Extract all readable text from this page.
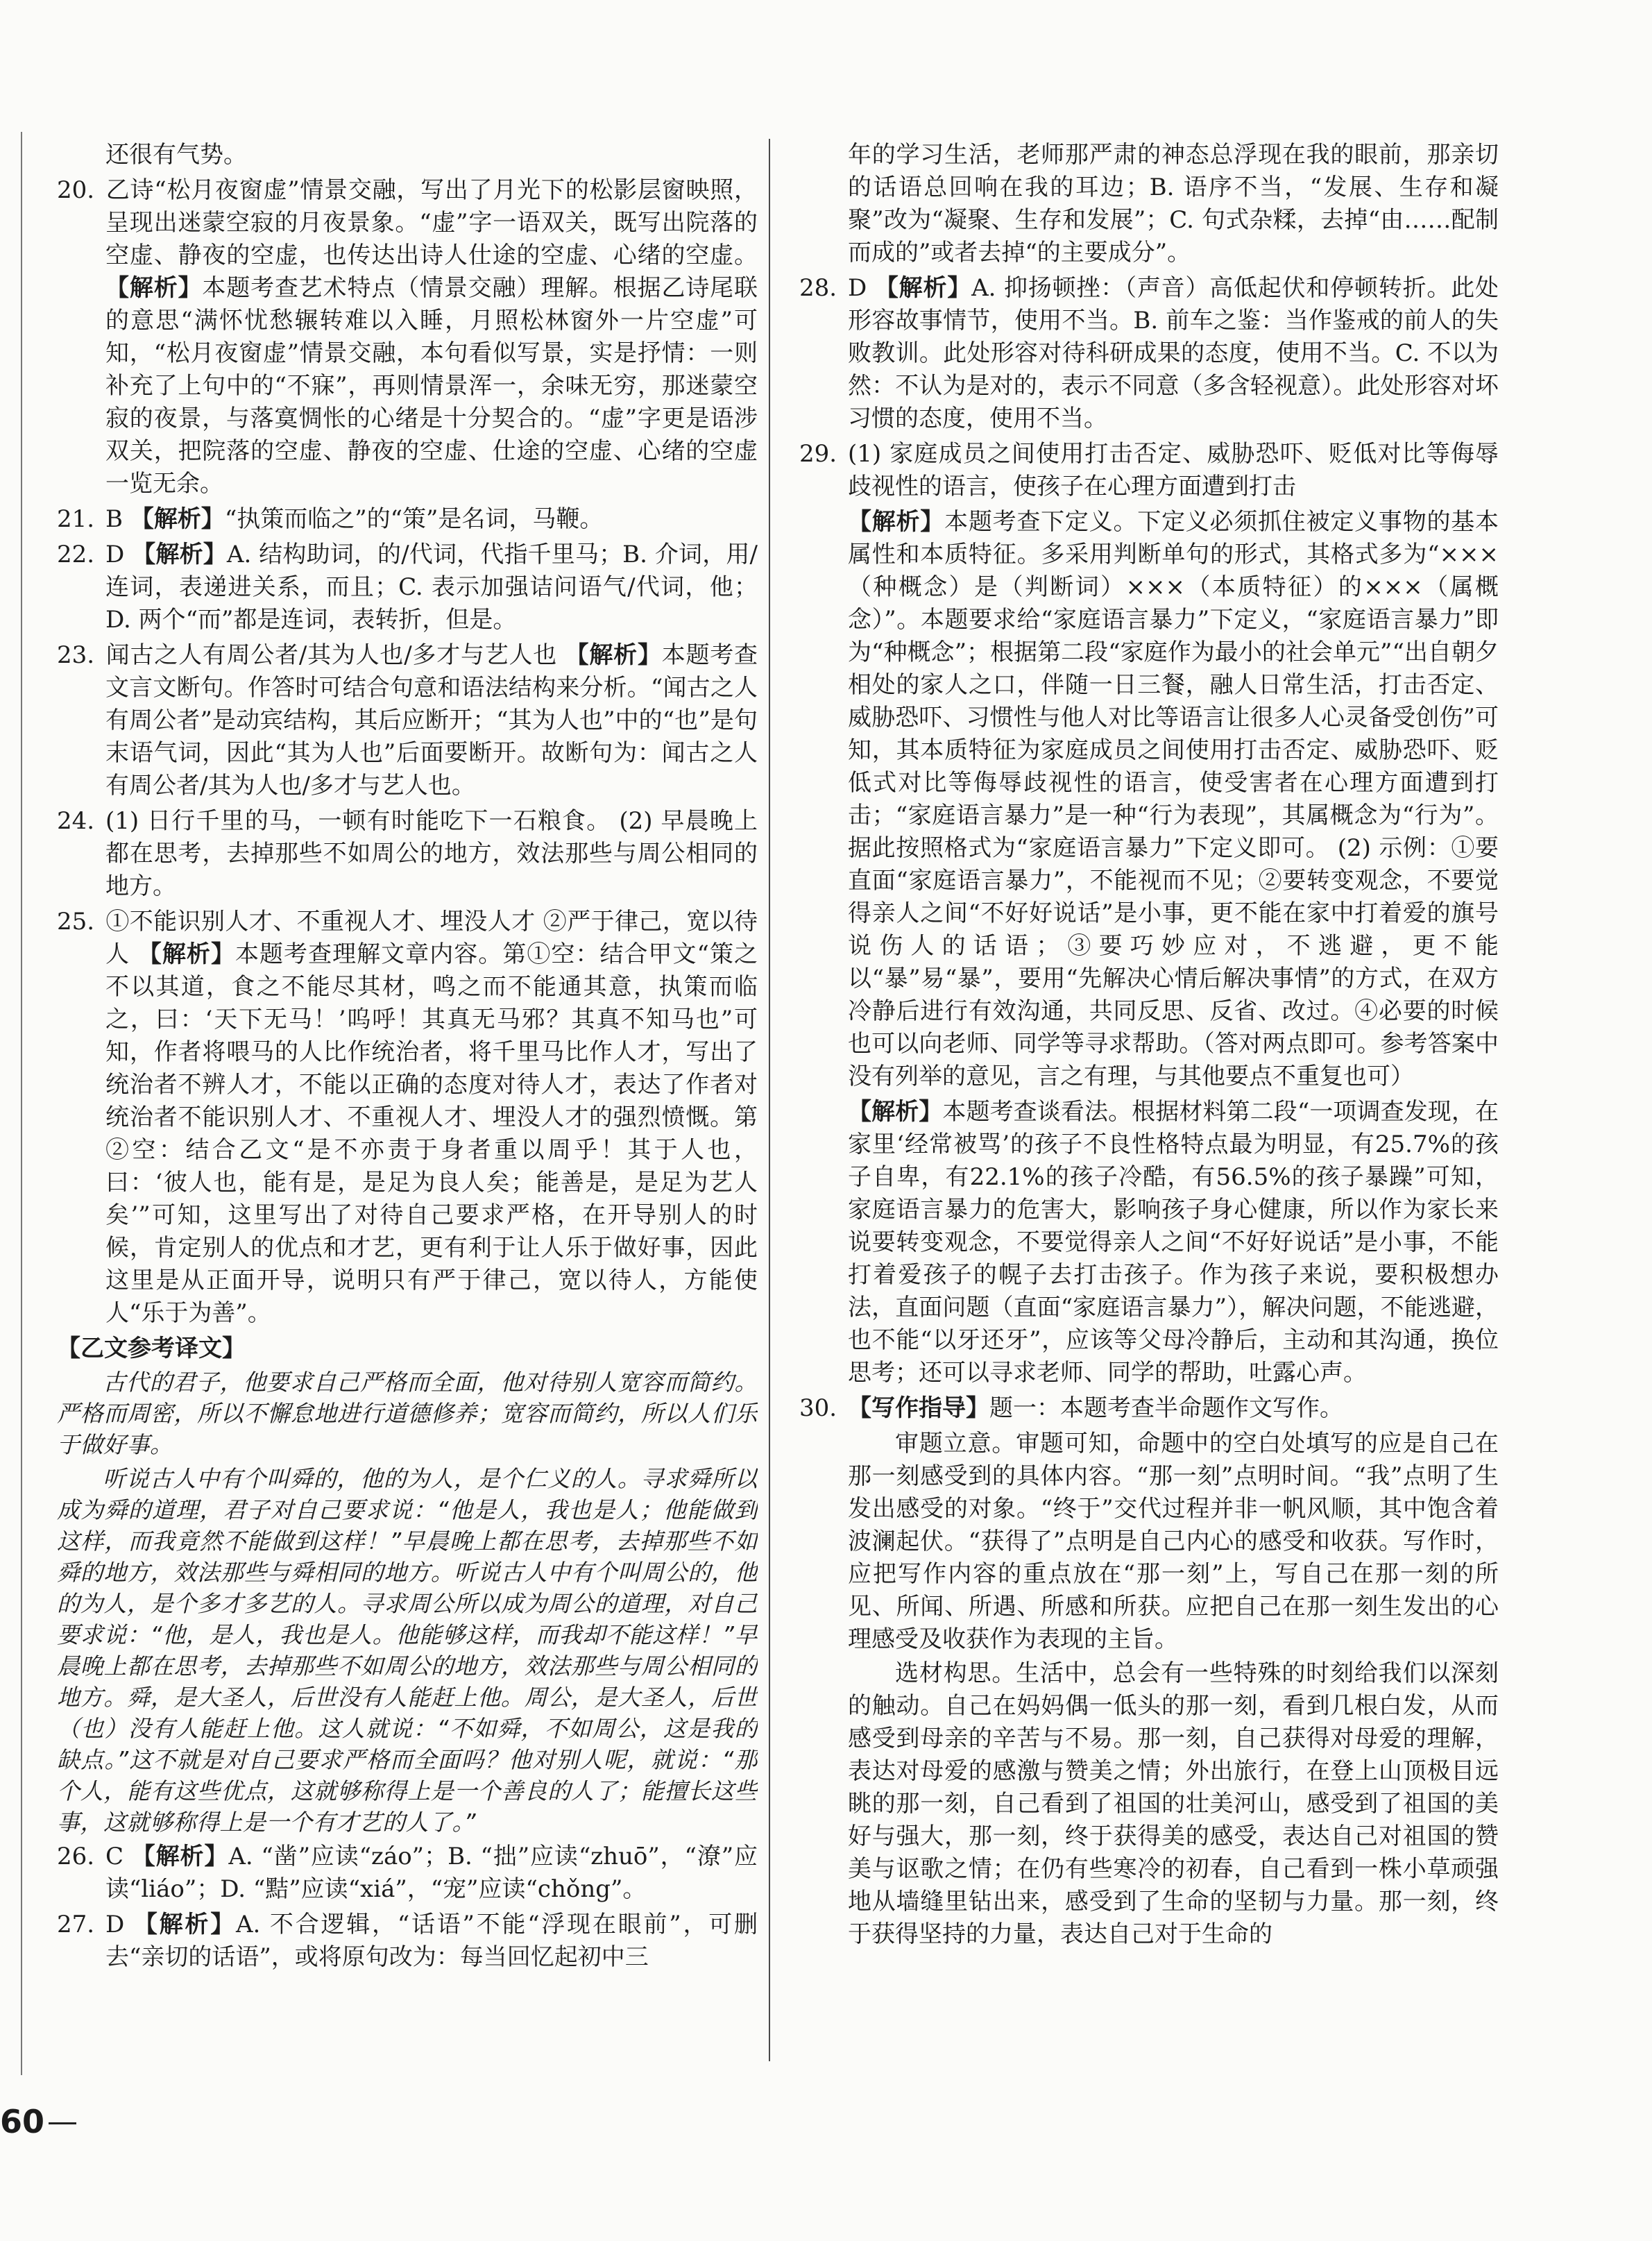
还很有气势。

20. 乙诗“松月夜窗虚”情景交融，写出了月光下的松影层窗映照，呈现出迷蒙空寂的月夜景象。“虚”字一语双关，既写出院落的空虚、静夜的空虚，也传达出诗人仕途的空虚、心绪的空虚。 【解析】本题考查艺术特点（情景交融）理解。根据乙诗尾联的意思“满怀忧愁辗转难以入睡，月照松林窗外一片空虚”可知，“松月夜窗虚”情景交融，本句看似写景，实是抒情：一则补充了上句中的“不寐”，再则情景浑一，余味无穷，那迷蒙空寂的夜景，与落寞惆怅的心绪是十分契合的。“虚”字更是语涉双关，把院落的空虚、静夜的空虚、仕途的空虚、心绪的空虚一览无余。

21. B 【解析】“执策而临之”的“策”是名词，马鞭。

22. D 【解析】A. 结构助词，的/代词，代指千里马；B. 介词，用/连词，表递进关系，而且；C. 表示加强诘问语气/代词，他；D. 两个“而”都是连词，表转折，但是。

23. 闻古之人有周公者/其为人也/多才与艺人也 【解析】本题考查文言文断句。作答时可结合句意和语法结构来分析。“闻古之人有周公者”是动宾结构，其后应断开；“其为人也”中的“也”是句末语气词，因此“其为人也”后面要断开。故断句为：闻古之人有周公者/其为人也/多才与艺人也。

24. (1) 日行千里的马，一顿有时能吃下一石粮食。 (2) 早晨晚上都在思考，去掉那些不如周公的地方，效法那些与周公相同的地方。

25. ①不能识别人才、不重视人才、埋没人才 ②严于律己，宽以待人 【解析】本题考查理解文章内容。第①空：结合甲文“策之不以其道，食之不能尽其材，鸣之而不能通其意，执策而临之，曰：‘天下无马！’呜呼！其真无马邪？其真不知马也”可知，作者将喂马的人比作统治者，将千里马比作人才，写出了统治者不辨人才，不能以正确的态度对待人才，表达了作者对统治者不能识别人才、不重视人才、埋没人才的强烈愤慨。第②空：结合乙文“是不亦责于身者重以周乎！其于人也，曰：‘彼人也，能有是，是足为良人矣；能善是，是足为艺人矣’”可知，这里写出了对待自己要求严格，在开导别人的时候，肯定别人的优点和才艺，更有利于让人乐于做好事，因此这里是从正面开导，说明只有严于律己，宽以待人，方能使人“乐于为善”。

【乙文参考译文】

古代的君子，他要求自己严格而全面，他对待别人宽容而简约。严格而周密，所以不懈怠地进行道德修养；宽容而简约，所以人们乐于做好事。

听说古人中有个叫舜的，他的为人，是个仁义的人。寻求舜所以成为舜的道理，君子对自己要求说：“他是人，我也是人；他能做到这样，而我竟然不能做到这样！”早晨晚上都在思考，去掉那些不如舜的地方，效法那些与舜相同的地方。听说古人中有个叫周公的，他的为人，是个多才多艺的人。寻求周公所以成为周公的道理，对自己要求说：“他，是人，我也是人。他能够这样，而我却不能这样！”早晨晚上都在思考，去掉那些不如周公的地方，效法那些与周公相同的地方。舜，是大圣人，后世没有人能赶上他。周公，是大圣人，后世（也）没有人能赶上他。这人就说：“不如舜，不如周公，这是我的缺点。”这不就是对自己要求严格而全面吗？他对别人呢，就说：“那个人，能有这些优点，这就够称得上是一个善良的人了；能擅长这些事，这就够称得上是一个有才艺的人了。”

26. C 【解析】A. “凿”应读“záo”；B. “拙”应读“zhuō”，“潦”应读“liáo”；D. “黠”应读“xiá”，“宠”应读“chǒng”。

27. D 【解析】A. 不合逻辑，“话语”不能“浮现在眼前”，可删去“亲切的话语”，或将原句改为：每当回忆起初中三

年的学习生活，老师那严肃的神态总浮现在我的眼前，那亲切的话语总回响在我的耳边；B. 语序不当，“发展、生存和凝聚”改为“凝聚、生存和发展”；C. 句式杂糅，去掉“由……配制而成的”或者去掉“的主要成分”。

28. D 【解析】A. 抑扬顿挫：（声音）高低起伏和停顿转折。此处形容故事情节，使用不当。B. 前车之鉴：当作鉴戒的前人的失败教训。此处形容对待科研成果的态度，使用不当。C. 不以为然：不认为是对的，表示不同意（多含轻视意）。此处形容对坏习惯的态度，使用不当。

29. (1) 家庭成员之间使用打击否定、威胁恐吓、贬低对比等侮辱歧视性的语言，使孩子在心理方面遭到打击

【解析】本题考查下定义。下定义必须抓住被定义事物的基本属性和本质特征。多采用判断单句的形式，其格式多为“×××（种概念）是（判断词）×××（本质特征）的×××（属概念）”。本题要求给“家庭语言暴力”下定义，“家庭语言暴力”即为“种概念”；根据第二段“家庭作为最小的社会单元”“出自朝夕相处的家人之口，伴随一日三餐，融人日常生活，打击否定、威胁恐吓、习惯性与他人对比等语言让很多人心灵备受创伤”可知，其本质特征为家庭成员之间使用打击否定、威胁恐吓、贬低式对比等侮辱歧视性的语言，使受害者在心理方面遭到打击；“家庭语言暴力”是一种“行为表现”，其属概念为“行为”。据此按照格式为“家庭语言暴力”下定义即可。 (2) 示例：①要直面“家庭语言暴力”，不能视而不见；②要转变观念，不要觉得亲人之间“不好好说话”是小事，更不能在家中打着爱的旗号说伤人的话语；③要巧妙应对，不逃避，更不能以“暴”易“暴”，要用“先解决心情后解决事情”的方式，在双方冷静后进行有效沟通，共同反思、反省、改过。④必要的时候也可以向老师、同学等寻求帮助。（答对两点即可。参考答案中没有列举的意见，言之有理，与其他要点不重复也可）

【解析】本题考查谈看法。根据材料第二段“一项调查发现，在家里‘经常被骂’的孩子不良性格特点最为明显，有25.7%的孩子自卑，有22.1%的孩子冷酷，有56.5%的孩子暴躁”可知，家庭语言暴力的危害大，影响孩子身心健康，所以作为家长来说要转变观念，不要觉得亲人之间“不好好说话”是小事，不能打着爱孩子的幌子去打击孩子。作为孩子来说，要积极想办法，直面问题（直面“家庭语言暴力”），解决问题，不能逃避，也不能“以牙还牙”，应该等父母冷静后，主动和其沟通，换位思考；还可以寻求老师、同学的帮助，吐露心声。

30. 【写作指导】题一：本题考查半命题作文写作。

审题立意。审题可知，命题中的空白处填写的应是自己在那一刻感受到的具体内容。“那一刻”点明时间。“我”点明了生发出感受的对象。“终于”交代过程并非一帆风顺，其中饱含着波澜起伏。“获得了”点明是自己内心的感受和收获。写作时，应把写作内容的重点放在“那一刻”上，写自己在那一刻的所见、所闻、所遇、所感和所获。应把自己在那一刻生发出的心理感受及收获作为表现的主旨。

选材构思。生活中，总会有一些特殊的时刻给我们以深刻的触动。自己在妈妈偶一低头的那一刻，看到几根白发，从而感受到母亲的辛苦与不易。那一刻，自己获得对母爱的理解，表达对母爱的感激与赞美之情；外出旅行，在登上山顶极目远眺的那一刻，自己看到了祖国的壮美河山，感受到了祖国的美好与强大，那一刻，终于获得美的感受，表达自己对祖国的赞美与讴歌之情；在仍有些寒冷的初春，自己看到一株小草顽强地从墙缝里钻出来，感受到了生命的坚韧与力量。那一刻，终于获得坚持的力量，表达自己对于生命的

60
